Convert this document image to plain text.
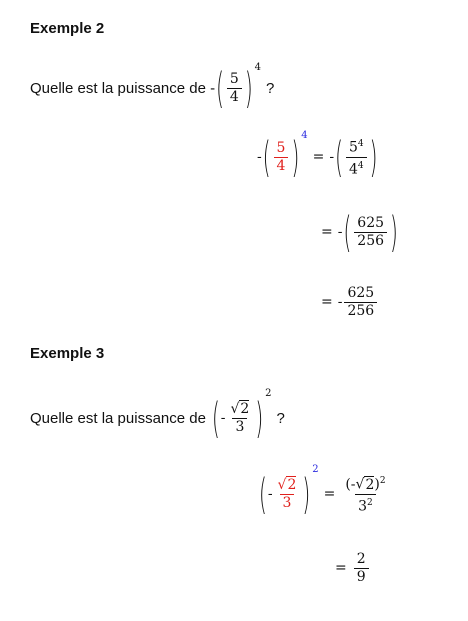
Exemple 2
Quelle est la puissance de - ( $\frac{5}{4}$ ) 4
?
- ( $\frac{5}{4}$ ) 4
= - ( $\frac{5^4}{4^4}$ )
= - ( $\frac{625}{256}$ )
= - $\frac{625}{256}$
Exemple 3
Quelle est la puissance de ( - $\frac{√2}{3}$ ) 2
?
( - $\frac{√2}{3}$ ) 2
= $\frac{(-√2)^2}{3^2}$
= $\frac{2}{9}$
